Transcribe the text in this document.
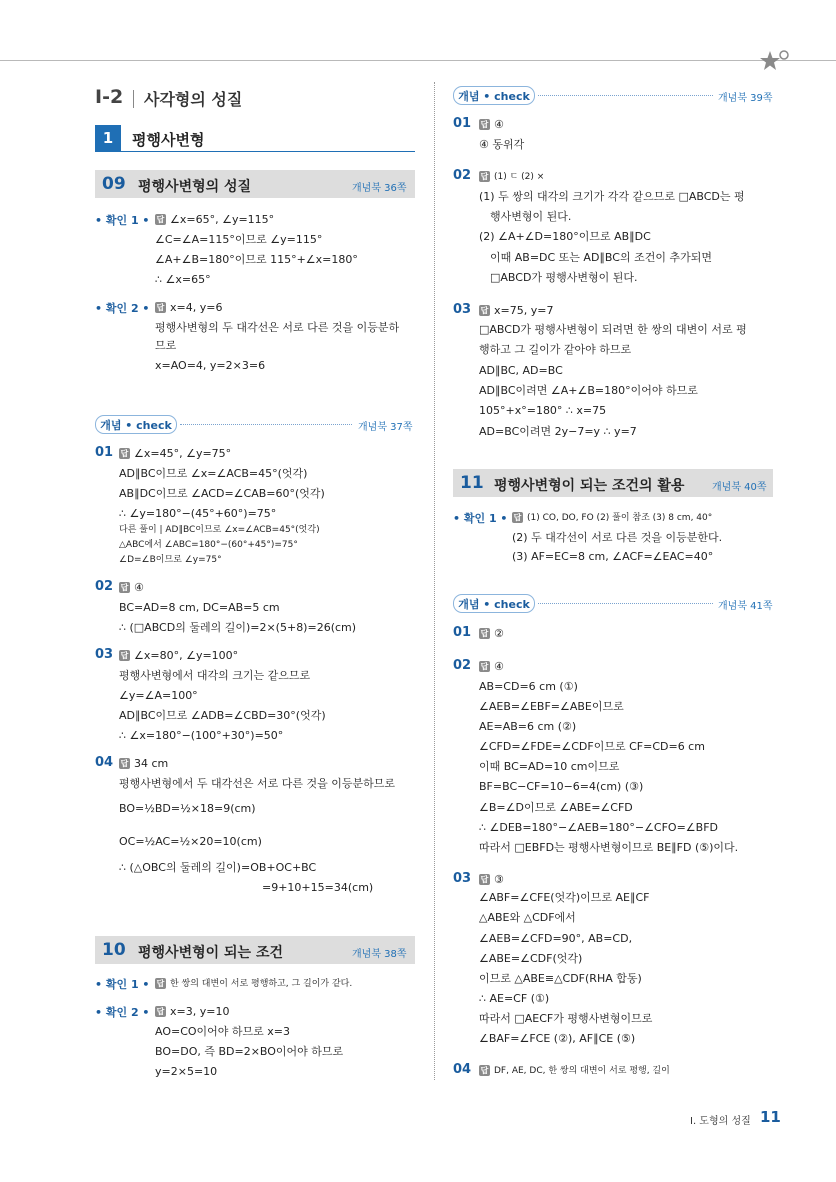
Ⅰ-2 사각형의 성질
1	평행사변형
09 평행사변형의 성질	개념북 36쪽
• 확인 1 • 답 ∠x=65°, ∠y=115°
∠C=∠A=115°이므로 ∠y=115°
∠A+∠B=180°이므로 115°+∠x=180°
∴ ∠x=65°
• 확인 2 • 답 x=4, y=6
평행사변형의 두 대각선은 서로 다른 것을 이등분하
므로
x=AO=4, y=2×3=6
개념 • check	개념북 37쪽
01 답 ∠x=45°, ∠y=75°
AD∥BC이므로 ∠x=∠ACB=45°(엇각)
AB∥DC이므로 ∠ACD=∠CAB=60°(엇각)
∴ ∠y=180°−(45°+60°)=75°
다른 풀이 | AD∥BC이므로 ∠x=∠ACB=45°(엇각)
△ABC에서 ∠ABC=180°−(60°+45°)=75°
∠D=∠B이므로 ∠y=75°
02 답 ④
BC=AD=8 cm, DC=AB=5 cm
∴ (□ABCD의 둘레의 길이)=2×(5+8)=26(cm)
03 답 ∠x=80°, ∠y=100°
평행사변형에서 대각의 크기는 같으므로
∠y=∠A=100°
AD∥BC이므로 ∠ADB=∠CBD=30°(엇각)
∴ ∠x=180°−(100°+30°)=50°
04 답 34 cm
평행사변형에서 두 대각선은 서로 다른 것을 이등분하므로
BO=½BD=½×18=9(cm)
OC=½AC=½×20=10(cm)
∴ (△OBC의 둘레의 길이)=OB+OC+BC
=9+10+15=34(cm)
10 평행사변형이 되는 조건	개념북 38쪽
• 확인 1 • 답 한 쌍의 대변이 서로 평행하고, 그 길이가 같다.
• 확인 2 • 답 x=3, y=10
AO=CO이어야 하므로 x=3
BO=DO, 즉 BD=2×BO이어야 하므로
y=2×5=10
개념 • check	개념북 39쪽
01 답 ④
④ 동위각
02 답 (1) ㄷ (2) ×
(1) 두 쌍의 대각의 크기가 각각 같으므로 □ABCD는 평
행사변형이 된다.
(2) ∠A+∠D=180°이므로 AB∥DC
이때 AB=DC 또는 AD∥BC의 조건이 추가되면
□ABCD가 평행사변형이 된다.
03 답 x=75, y=7
□ABCD가 평행사변형이 되려면 한 쌍의 대변이 서로 평
행하고 그 길이가 같아야 하므로
AD∥BC, AD=BC
AD∥BC이려면 ∠A+∠B=180°이어야 하므로
105°+x°=180° ∴ x=75
AD=BC이려면 2y−7=y ∴ y=7
11 평행사변형이 되는 조건의 활용	개념북 40쪽
• 확인 1 • 답 (1) CO, DO, FO (2) 풀이 참조 (3) 8 cm, 40°
(2) 두 대각선이 서로 다른 것을 이등분한다.
(3) AF=EC=8 cm, ∠ACF=∠EAC=40°
개념 • check	개념북 41쪽
01 답 ②
02 답 ④
AB=CD=6 cm (①)
∠AEB=∠EBF=∠ABE이므로
AE=AB=6 cm (②)
∠CFD=∠FDE=∠CDF이므로 CF=CD=6 cm
이때 BC=AD=10 cm이므로
BF=BC−CF=10−6=4(cm) (③)
∠B=∠D이므로 ∠ABE=∠CFD
∴ ∠DEB=180°−∠AEB=180°−∠CFO=∠BFD
따라서 □EBFD는 평행사변형이므로 BE∥FD (⑤)이다.
03 답 ③
∠ABF=∠CFE(엇각)이므로 AE∥CF
△ABE와 △CDF에서
∠AEB=∠CFD=90°, AB=CD,
∠ABE=∠CDF(엇각)
이므로 △ABE≡△CDF(RHA 합동)
∴ AE=CF (①)
따라서 □AECF가 평행사변형이므로
∠BAF=∠FCE (②), AF∥CE (⑤)
04 답 DF, AE, DC, 한 쌍의 대변이 서로 평행, 길이
Ⅰ. 도형의 성질 11
